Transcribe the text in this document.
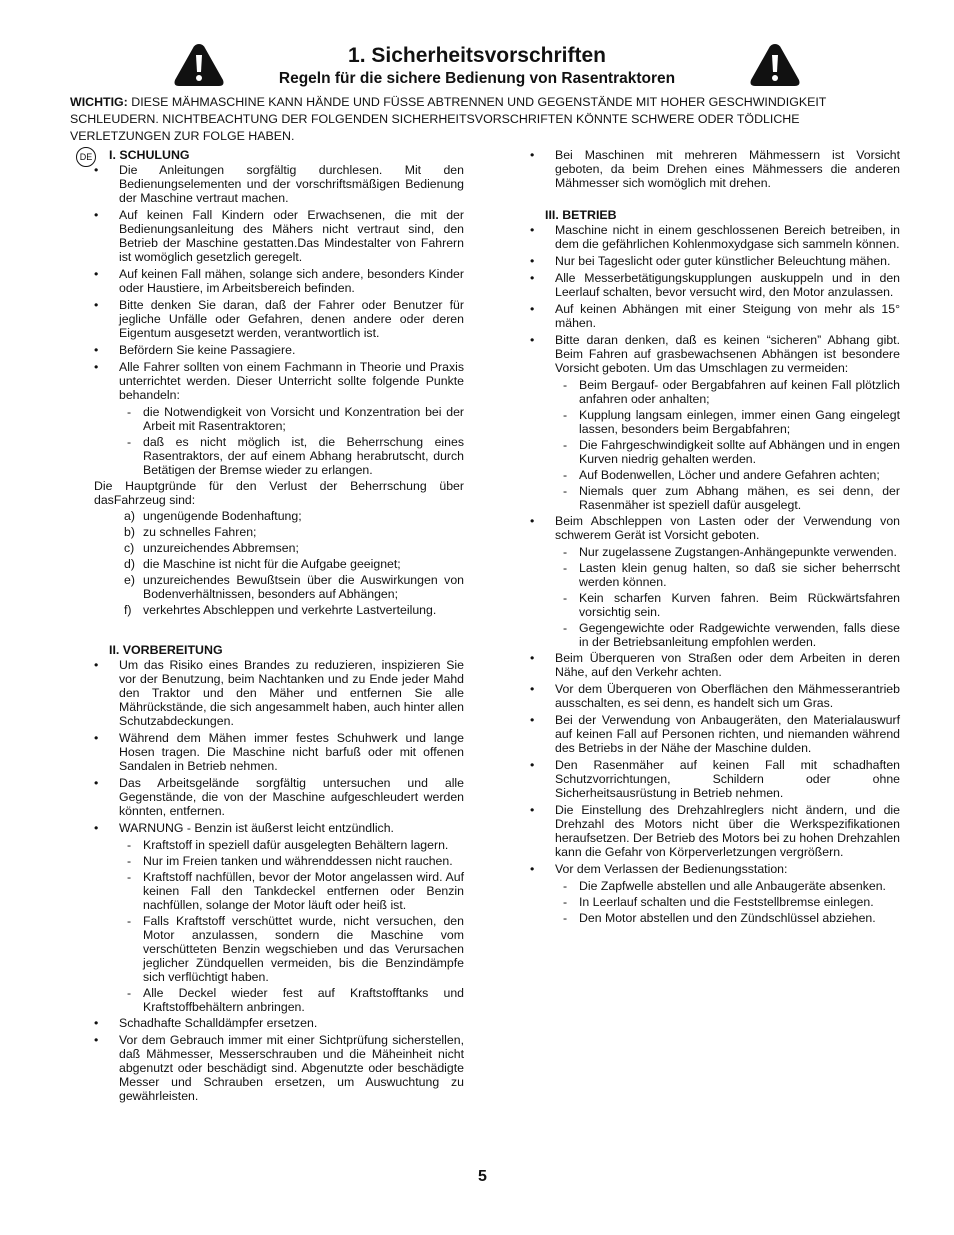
1. Sicherheitsvorschriften
Regeln für die sichere Bedienung von Rasentraktoren
WICHTIG: DIESE MÄHMASCHINE KANN HÄNDE UND FÜSSE ABTRENNEN UND GEGENSTÄNDE MIT HOHER GESCHWINDIGKEIT SCHLEUDERN. NICHTBEACHTUNG DER FOLGENDEN SICHERHEITSVORSCHRIFTEN KÖNNTE SCHWERE ODER TÖDLICHE VERLETZUNGEN ZUR FOLGE HABEN.
DE	I. SCHULUNG
• Die Anleitungen sorgfältig durchlesen. Mit den Bedienungselementen und der vorschriftsmäßigen Bedienung der Maschine vertraut machen.
• Auf keinen Fall Kindern oder Erwachsenen, die mit der Bedienungsanleitung des Mähers nicht vertraut sind, den Betrieb der Maschine gestatten.Das Mindestalter von Fahrern ist womöglich gesetzlich geregelt.
• Auf keinen Fall mähen, solange sich andere, besonders Kinder oder Haustiere, im Arbeitsbereich befinden.
• Bitte denken Sie daran, daß der Fahrer oder Benutzer für jegliche Unfälle oder Gefahren, denen andere oder deren Eigentum ausgesetzt werden, verantwortlich ist.
• Befördern Sie keine Passagiere.
• Alle Fahrer sollten von einem Fachmann in Theorie und Praxis unterrichtet werden. Dieser Unterricht sollte folgende Punkte behandeln:
- die Notwendigkeit von Vorsicht und Konzentration bei der Arbeit mit Rasentraktoren;
- daß es nicht möglich ist, die Beherrschung eines Rasentraktors, der auf einem Abhang herabrutscht, durch Betätigen der Bremse wieder zu erlangen.
Die Hauptgründe für den Verlust der Beherrschung über dasFahrzeug sind:
a) ungenügende Bodenhaftung;
b) zu schnelles Fahren;
c) unzureichendes Abbremsen;
d) die Maschine ist nicht für die Aufgabe geeignet;
e) unzureichendes Bewußtsein über die Auswirkungen von Bodenverhältnissen, besonders auf Abhängen;
f) verkehrtes Abschleppen und verkehrte Lastverteilung.
II. VORBEREITUNG
• Um das Risiko eines Brandes zu reduzieren, inspizieren Sie vor der Benutzung, beim Nachtanken und zu Ende jeder Mahd den Traktor und den Mäher und entfernen Sie alle Mährückstände, die sich angesammelt haben, auch hinter allen Schutzabdeckungen.
• Während dem Mähen immer festes Schuhwerk und lange Hosen tragen. Die Maschine nicht barfuß oder mit offenen Sandalen in Betrieb nehmen.
• Das Arbeitsgelände sorgfältig untersuchen und alle Gegenstände, die von der Maschine aufgeschleudert werden könnten, entfernen.
• WARNUNG - Benzin ist äußerst leicht entzündlich.
- Kraftstoff in speziell dafür ausgelegten Behältern lagern.
- Nur im Freien tanken und währenddessen nicht rauchen.
- Kraftstoff nachfüllen, bevor der Motor angelassen wird. Auf keinen Fall den Tankdeckel entfernen oder Benzin nachfüllen, solange der Motor läuft oder heiß ist.
- Falls Kraftstoff verschüttet wurde, nicht versuchen, den Motor anzulassen, sondern die Maschine vom verschütteten Benzin wegschieben und das Verursachen jeglicher Zündquellen vermeiden, bis die Benzindämpfe sich verflüchtigt haben.
- Alle Deckel wieder fest auf Kraftstofftanks und Kraftstoffbehältern anbringen.
• Schadhafte Schalldämpfer ersetzen.
• Vor dem Gebrauch immer mit einer Sichtprüfung sicherstellen, daß Mähmesser, Messerschrauben und die Mäheinheit nicht abgenutzt oder beschädigt sind. Abgenutzte oder beschädigte Messer und Schrauben ersetzen, um Auswuchtung zu gewährleisten.
• Bei Maschinen mit mehreren Mähmessern ist Vorsicht geboten, da beim Drehen eines Mähmessers die anderen Mähmesser sich womöglich mit drehen.
III. BETRIEB
• Maschine nicht in einem geschlossenen Bereich betreiben, in dem die gefährlichen Kohlenmoxydgase sich sammeln können.
• Nur bei Tageslicht oder guter künstlicher Beleuchtung mähen.
• Alle Messerbetätigungskupplungen auskuppeln und in den Leerlauf schalten, bevor versucht wird, den Motor anzulassen.
• Auf keinen Abhängen mit einer Steigung von mehr als 15° mähen.
• Bitte daran denken, daß es keinen “sicheren” Abhang gibt. Beim Fahren auf grasbewachsenen Abhängen ist besondere Vorsicht geboten. Um das Umschlagen zu vermeiden:
- Beim Bergauf- oder Bergabfahren auf keinen Fall plötzlich anfahren oder anhalten;
- Kupplung langsam einlegen, immer einen Gang eingelegt lassen, besonders beim Bergabfahren;
- Die Fahrgeschwindigkeit sollte auf Abhängen und in engen Kurven niedrig gehalten werden.
- Auf Bodenwellen, Löcher und andere Gefahren achten;
- Niemals quer zum Abhang mähen, es sei denn, der Rasenmäher ist speziell dafür ausgelegt.
• Beim Abschleppen von Lasten oder der Verwendung von schwerem Gerät ist Vorsicht geboten.
- Nur zugelassene Zugstangen-Anhängepunkte verwenden.
- Lasten klein genug halten, so daß sie sicher beherrscht werden können.
- Kein scharfen Kurven fahren. Beim Rückwärtsfahren vorsichtig sein.
- Gegengewichte oder Radgewichte verwenden, falls diese in der Betriebsanleitung empfohlen werden.
• Beim Überqueren von Straßen oder dem Arbeiten in deren Nähe, auf den Verkehr achten.
• Vor dem Überqueren von Oberflächen den Mähmesserantrieb ausschalten, es sei denn, es handelt sich um Gras.
• Bei der Verwendung von Anbaugeräten, den Materialauswurf auf keinen Fall auf Personen richten, und niemanden während des Betriebs in der Nähe der Maschine dulden.
• Den Rasenmäher auf keinen Fall mit schadhaften Schutzvorrichtungen, Schildern oder ohne Sicherheitsausrüstung in Betrieb nehmen.
• Die Einstellung des Drehzahlreglers nicht ändern, und die Drehzahl des Motors nicht über die Werkspezifikationen heraufsetzen. Der Betrieb des Motors bei zu hohen Drehzahlen kann die Gefahr von Körperverletzungen vergrößern.
• Vor dem Verlassen der Bedienungsstation:
- Die Zapfwelle abstellen und alle Anbaugeräte absenken.
- In Leerlauf schalten und die Feststellbremse einlegen.
- Den Motor abstellen und den Zündschlüssel abziehen.
5
